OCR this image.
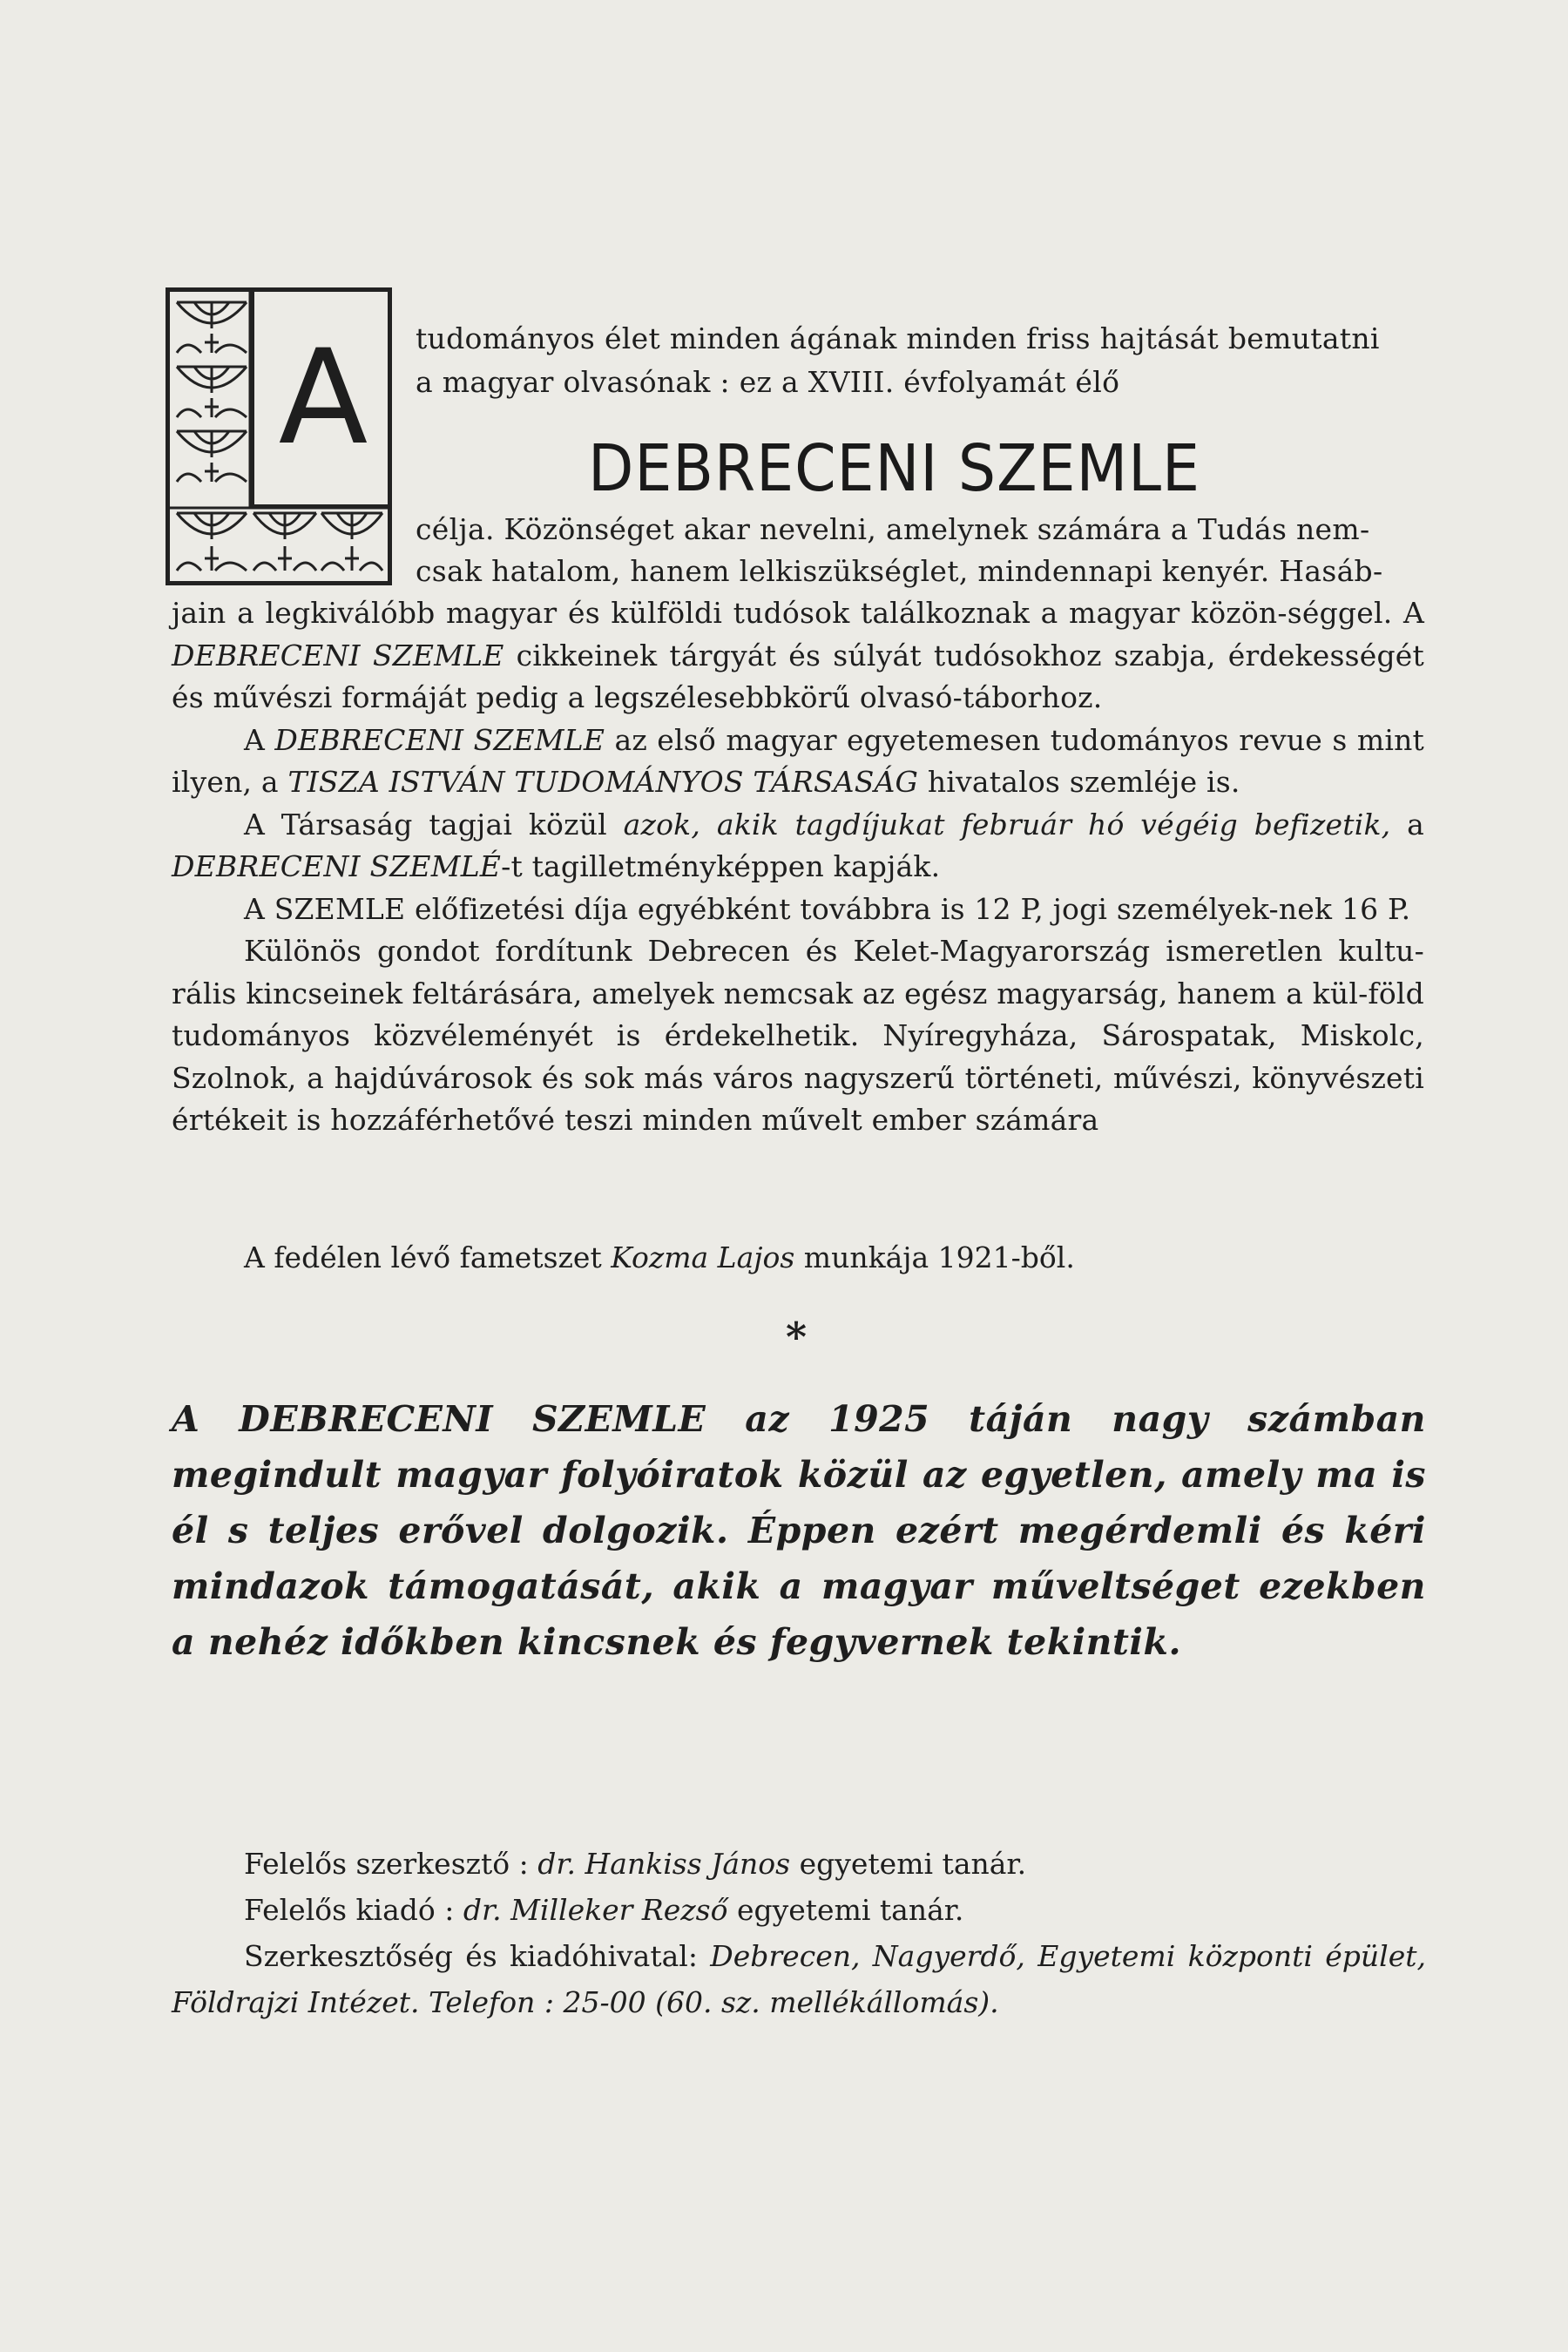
A	tudományos élet minden ágának minden friss hajtását bemutatni
a magyar olvasónak : ez a XVIII. évfolyamát élő
DEBRECENI SZEMLE
célja. Közönséget akar nevelni, amelynek számára a Tudás nem-
csak hatalom, hanem lelkiszükséglet, mindennapi kenyér. Hasáb-

jain a legkiválóbb magyar és külföldi tudósok találkoznak a magyar közön-séggel. A DEBRECENI SZEMLE cikkeinek tárgyát és súlyát tudósokhoz szabja, érdekességét és művészi formáját pedig a legszélesebbkörű olvasó-táborhoz.

A DEBRECENI SZEMLE az első magyar egyetemesen tudományos revue s mint ilyen, a TISZA ISTVÁN TUDOMÁNYOS TÁRSASÁG hivatalos szemléje is.

A Társaság tagjai közül azok, akik tagdíjukat február hó végéig befizetik, a DEBRECENI SZEMLÉ-t tagilletményképpen kapják.

A SZEMLE előfizetési díja egyébként továbbra is 12 P, jogi személyek-nek 16 P.

Különös gondot fordítunk Debrecen és Kelet-Magyarország ismeretlen kultu-rális kincseinek feltárására, amelyek nemcsak az egész magyarság, hanem a kül-föld tudományos közvéleményét is érdekelhetik. Nyíregyháza, Sárospatak, Miskolc, Szolnok, a hajdúvárosok és sok más város nagyszerű történeti, művészi, könyvészeti értékeit is hozzáférhetővé teszi minden művelt ember számára

A fedélen lévő fametszet Kozma Lajos munkája 1921-ből.
*
A DEBRECENI SZEMLE az 1925 táján nagy számban megindult magyar folyóiratok közül az egyetlen, amely ma is él s teljes erővel dolgozik. Éppen ezért megérdemli és kéri mindazok támogatását, akik a magyar műveltséget ezekben a nehéz időkben kincsnek és fegyvernek tekintik.

Felelős szerkesztő : dr. Hankiss János egyetemi tanár.

Felelős kiadó : dr. Milleker Rezső egyetemi tanár.

Szerkesztőség és kiadóhivatal: Debrecen, Nagyerdő, Egyetemi központi épület, Földrajzi Intézet. Telefon : 25-00 (60. sz. mellékállomás).
